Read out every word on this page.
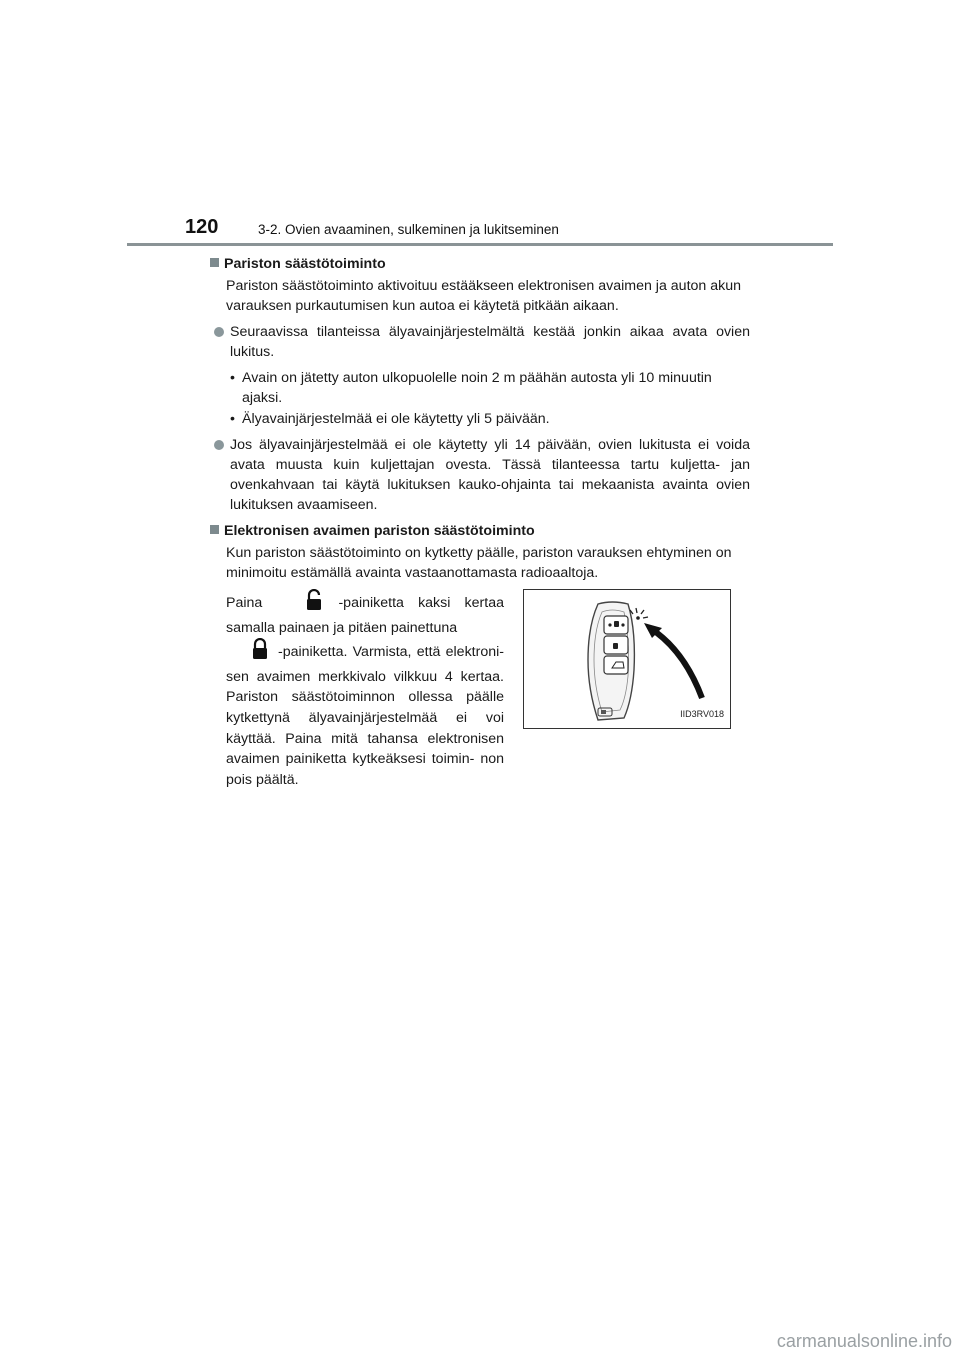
120	3-2. Ovien avaaminen, sulkeminen ja lukitseminen
Pariston säästötoiminto
Pariston säästötoiminto aktivoituu estääkseen elektronisen avaimen ja auton akun varauksen purkautumisen kun autoa ei käytetä pitkään aikaan.
Seuraavissa tilanteissa älyavainjärjestelmältä kestää jonkin aikaa avata ovien lukitus.
• Avain on jätetty auton ulkopuolelle noin 2 m päähän autosta yli 10 minuutin ajaksi.
• Älyavainjärjestelmää ei ole käytetty yli 5 päivään.
Jos älyavainjärjestelmää ei ole käytetty yli 14 päivään, ovien lukitusta ei voida avata muusta kuin kuljettajan ovesta. Tässä tilanteessa tartu kuljetta- jan ovenkahvaan tai käytä lukituksen kauko-ohjainta tai mekaanista avainta ovien lukituksen avaamiseen.
Elektronisen avaimen pariston säästötoiminto
Kun pariston säästötoiminto on kytketty päälle, pariston varauksen ehtyminen on minimoitu estämällä avainta vastaanottamasta radioaaltoja.
Paina	-painiketta kaksi kertaa samalla painaen ja pitäen painettuna
-painiketta. Varmista, että elektroni- sen avaimen merkkivalo vilkkuu 4 kertaa. Pariston säästötoiminnon ollessa päälle kytkettynä älyavainjärjestelmää ei voi käyttää. Paina mitä tahansa elektronisen avaimen painiketta kytkeäksesi toimin- non pois päältä.
IID3RV018
carmanualsonline.info
